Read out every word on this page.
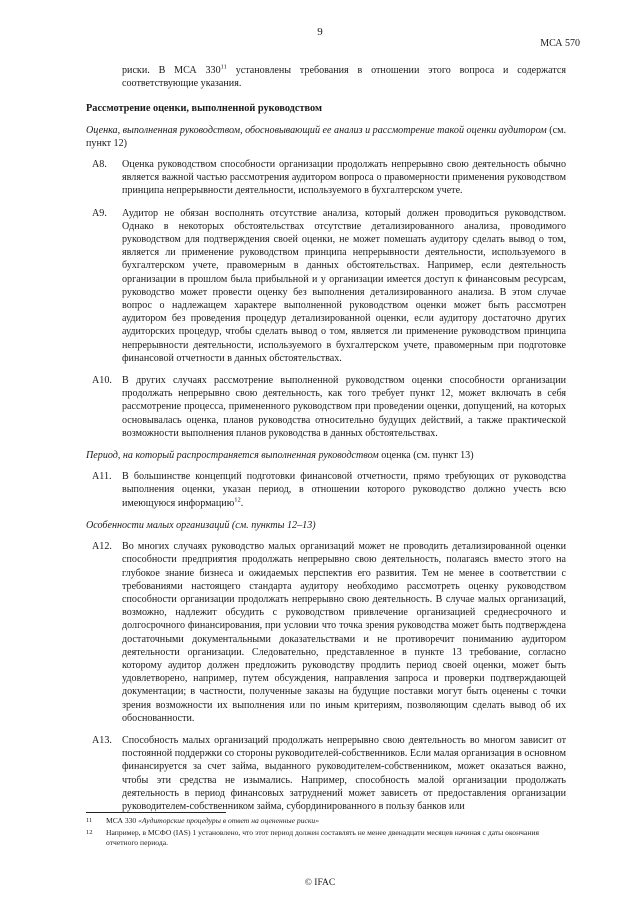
9
МСА 570

риски. В МСА $330^{11}$ установлены требования в отношении этого вопроса и содержатся соответствующие указания.

Рассмотрение оценки, выполненной руководством

Оценка, выполненная руководством, обосновывающий ее анализ и рассмотрение такой оценки аудитором (см. пункт 12)

А8.	Оценка руководством способности организации продолжать непрерывно свою деятельность обычно является важной частью рассмотрения аудитором вопроса о правомерности применения руководством принципа непрерывности деятельности, используемого в бухгалтерском учете.
А9.	Аудитор не обязан восполнять отсутствие анализа, который должен проводиться руководством. Однако в некоторых обстоятельствах отсутствие детализированного анализа, проводимого руководством для подтверждения своей оценки, не может помешать аудитору сделать вывод о том, является ли применение руководством принципа непрерывности деятельности, используемого в бухгалтерском учете, правомерным в данных обстоятельствах. Например, если деятельность организации в прошлом была прибыльной и у организации имеется доступ к финансовым ресурсам, руководство может провести оценку без выполнения детализированного анализа. В этом случае вопрос о надлежащем характере выполненной руководством оценки может быть рассмотрен аудитором без проведения процедур детализированной оценки, если аудитору достаточно других аудиторских процедур, чтобы сделать вывод о том, является ли применение руководством принципа непрерывности деятельности, используемого в бухгалтерском учете, правомерным при подготовке финансовой отчетности в данных обстоятельствах.
А10. В других случаях рассмотрение выполненной руководством оценки способности организации продолжать непрерывно свою деятельность, как того требует пункт 12, может включать в себя рассмотрение процесса, примененного руководством при проведении оценки, допущений, на которых основывалась оценка, планов руководства относительно будущих действий, а также практической возможности выполнения планов руководства в данных обстоятельствах.

Период, на который распространяется выполненная руководством оценка (см. пункт 13)

А11.	В большинстве концепций подготовки финансовой отчетности, прямо требующих от руководства выполнения оценки, указан период, в отношении которого руководство должно учесть всю имеющуюся информацию$^{12}$.

Особенности малых организаций (см. пункты 12–13)

А12. Во многих случаях руководство малых организаций может не проводить детализированной оценки способности предприятия продолжать непрерывно свою деятельность, полагаясь вместо этого на глубокое знание бизнеса и ожидаемых перспектив его развития. Тем не менее в соответствии с требованиями настоящего стандарта аудитору необходимо рассмотреть оценку руководством способности организации продолжать непрерывно свою деятельность. В случае малых организаций, возможно, надлежит обсудить с руководством привлечение организацией среднесрочного и долгосрочного финансирования, при условии что точка зрения руководства может быть подтверждена достаточными документальными доказательствами и не противоречит пониманию аудитором деятельности организации. Следовательно, представленное в пункте 13 требование, согласно которому аудитор должен предложить руководству продлить период своей оценки, может быть удовлетворено, например, путем обсуждения, направления запроса и проверки подтверждающей документации; в частности, полученные заказы на будущие поставки могут быть оценены с точки зрения возможности их выполнения или по иным критериям, позволяющим сделать вывод об их обоснованности.
А13. Способность малых организаций продолжать непрерывно свою деятельность во многом зависит от постоянной поддержки со стороны руководителей-собственников. Если малая организация в основном финансируется за счет займа, выданного руководителем-собственником, может оказаться важно, чтобы эти средства не изымались. Например, способность малой организации продолжать деятельность в период финансовых затруднений может зависеть от предоставления организации руководителем-собственником займа, субординированного в пользу банков или
11	МСА 330 «Аудиторские процедуры в ответ на оцененные риски»
12	Например, в МСФО (IAS) 1 установлено, что этот период должен составлять не менее двенадцати месяцев начиная с даты окончания отчетного периода.
© IFAC
